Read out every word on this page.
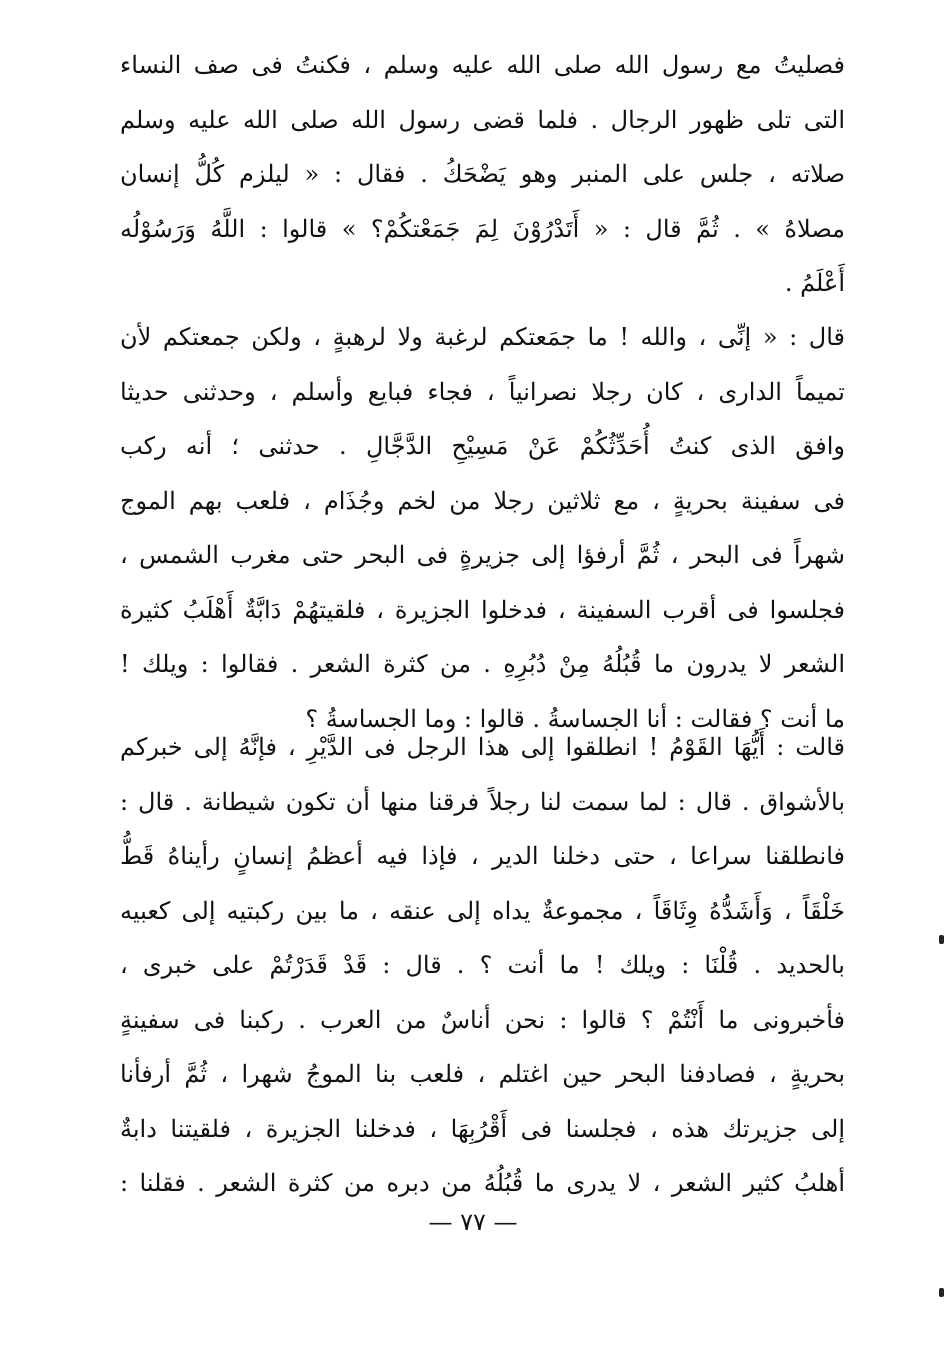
فصليتُ مع رسول الله صلى الله عليه وسلم ، فكنتُ فى صف النساء
التى تلى ظهور الرجال . فلما قضى رسول الله صلى الله عليه وسلم
صلاته ، جلس على المنبر وهو يَضْحَكُ . فقال : « ليلزم كُلُّ إنسان
مصلاهُ » . ثُمَّ قال : « أَتَدْرُوْنَ لِمَ جَمَعْتكُمْ؟ » قالوا : اللَّهُ وَرَسُوْلُه
أَعْلَمُ .
قال : « إنِّى ، والله ! ما جمَعتكم لرغبة ولا لرهبةٍ ، ولكن جمعتكم لأن
تميماً الدارى ، كان رجلا نصرانياً ، فجاء فبايع وأسلم ، وحدثنى حديثا
وافق الذى كنتُ أُحَدِّثُكُمْ عَنْ مَسِيْحِ الدَّجَّالِ . حدثنى ؛ أنه ركب
فى سفينة بحريةٍ ، مع ثلاثين رجلا من لخم وجُذَام ، فلعب بهم الموج
شهراً فى البحر ، ثُمَّ أرفؤا إلى جزيرةٍ فى البحر حتى مغرب الشمس ،
فجلسوا فى أقرب السفينة ، فدخلوا الجزيرة ، فلقيتهُمْ دَابَّةٌ أَهْلَبُ كثيرة
الشعر لا يدرون ما قُبُلُهُ مِنْ دُبُرِهِ . من كثرة الشعر . فقالوا : ويلك !
ما أنت ؟ فقالت : أنا الجساسةُ . قالوا : وما الجساسةُ ؟
قالت : أَيُّهَا القَوْمُ ! انطلقوا إلى هذا الرجل فى الدَّيْرِ ، فإنَّهُ إلى خبركم
بالأشواق . قال : لما سمت لنا رجلاً فرقنا منها أن تكون شيطانة . قال :
فانطلقنا سراعا ، حتى دخلنا الدير ، فإذا فيه أعظمُ إنسانٍ رأيناهُ قَطُّ
خَلْقَاً ، وَأَشَدُّهُ وِثَاقَاً ، مجموعةٌ يداه إلى عنقه ، ما بين ركبتيه إلى كعبيه
بالحديد . قُلْنَا : ويلك ! ما أنت ؟ . قال : قَدْ قَدَرْتُمْ على خبرى ،
فأخبرونى ما أَنْتُمْ ؟ قالوا : نحن أناسٌ من العرب . ركبنا فى سفينةٍ
بحريةٍ ، فصادفنا البحر حين اغتلم ، فلعب بنا الموجُ شهرا ، ثُمَّ أرفأنا
إلى جزيرتك هذه ، فجلسنا فى أَقْرُبِهَا ، فدخلنا الجزيرة ، فلقيتنا دابةٌ
أهلبُ كثير الشعر ، لا يدرى ما قُبُلُهُ من دبره من كثرة الشعر . فقلنا :
— ٧٧ —
